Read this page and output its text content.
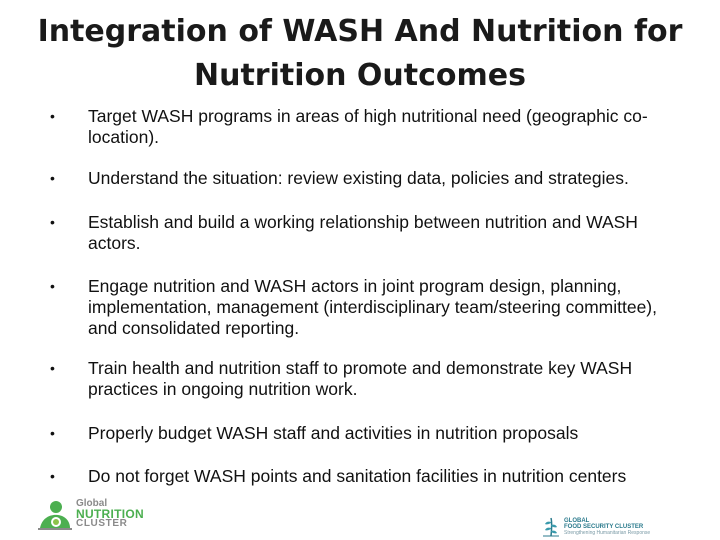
Integration of WASH And Nutrition for Nutrition Outcomes
• Target WASH programs in areas of high nutritional need (geographic co-location).
• Understand the situation: review existing data, policies and strategies.
• Establish and build a working relationship between nutrition and WASH actors.
• Engage nutrition and WASH actors in joint program design, planning, implementation, management (interdisciplinary team/steering committee), and consolidated reporting.
• Train health and nutrition staff to promote and demonstrate key WASH practices in ongoing nutrition work.
• Properly budget WASH staff and activities in nutrition proposals
• Do not forget WASH points and sanitation facilities in nutrition centers
Global
NUTRITION
CLUSTER	GLOBAL
FOOD SECURITY CLUSTER
Strengthening Humanitarian Response
